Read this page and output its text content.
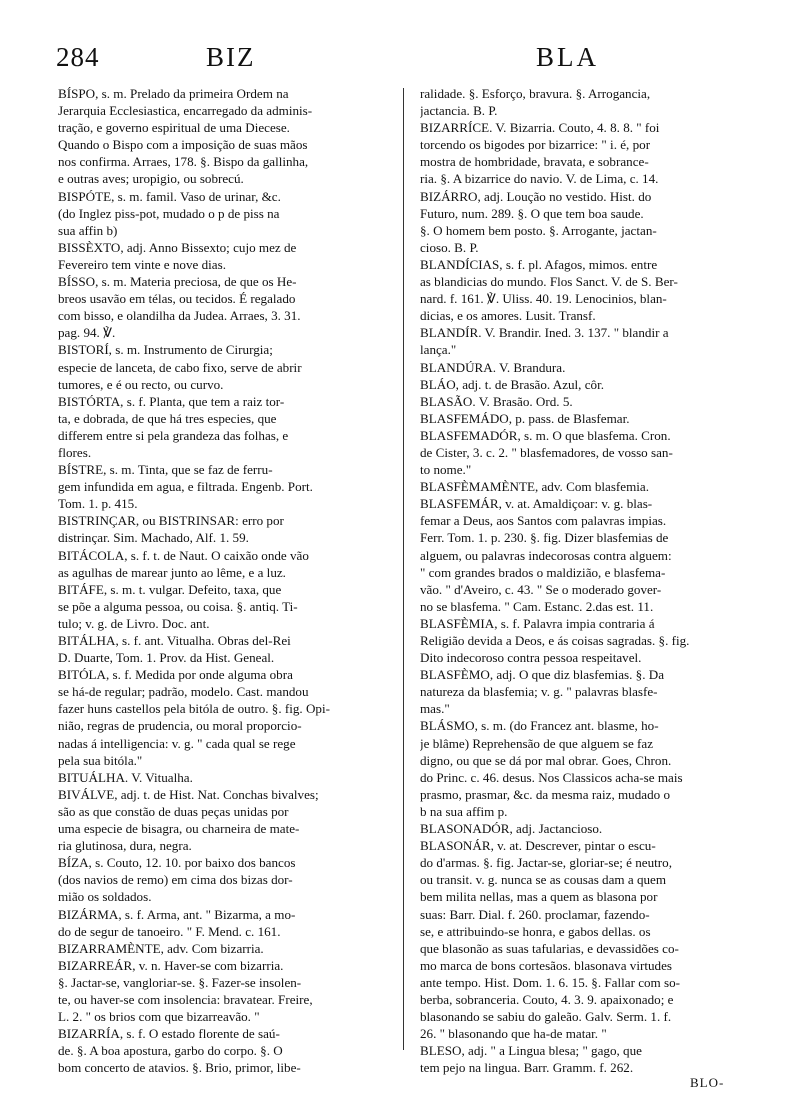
284	BIZ	BLA
BÍSPO, s. m. Prelado da primeira Ordem na
Jerarquia Ecclesiastica, encarregado da adminis-
tração, e governo espiritual de uma Diecese.
Quando o Bispo com a imposição de suas mãos
nos confirma. Arraes, 178. §. Bispo da gallinha,
e outras aves; uropigio, ou sobrecú.
BISPÓTE, s. m. famil. Vaso de urinar, &c.
(do Inglez piss-pot, mudado o p de piss na
sua affin b)
BISSÈXTO, adj. Anno Bissexto; cujo mez de
Fevereiro tem vinte e nove dias.
BÍSSO, s. m. Materia preciosa, de que os He-
breos usavão em télas, ou tecidos. É regalado
com bisso, e olandilha da Judea. Arraes, 3. 31.
pag. 94. ℣.
BISTORÍ, s. m. Instrumento de Cirurgia;
especie de lanceta, de cabo fixo, serve de abrir
tumores, e é ou recto, ou curvo.
BISTÓRTA, s. f. Planta, que tem a raiz tor-
ta, e dobrada, de que há tres especies, que
differem entre si pela grandeza das folhas, e
flores.
BÍSTRE, s. m. Tinta, que se faz de ferru-
gem infundida em agua, e filtrada. Engenb. Port.
Tom. 1. p. 415.
BISTRINÇAR, ou BISTRINSAR: erro por
distrinçar. Sim. Machado, Alf. 1. 59.
BITÁCOLA, s. f. t. de Naut. O caixão onde vão
as agulhas de marear junto ao lême, e a luz.
BITÁFE, s. m. t. vulgar. Defeito, taxa, que
se põe a alguma pessoa, ou coisa. §. antiq. Ti-
tulo; v. g. de Livro. Doc. ant.
BITÁLHA, s. f. ant. Vitualha. Obras del-Rei
D. Duarte, Tom. 1. Prov. da Hist. Geneal.
BITÓLA, s. f. Medida por onde alguma obra
se há-de regular; padrão, modelo. Cast. mandou
fazer huns castellos pela bitóla de outro. §. fig. Opi-
nião, regras de prudencia, ou moral proporcio-
nadas á intelligencia: v. g. " cada qual se rege
pela sua bitóla."
BITUÁLHA. V. Vitualha.
BIVÁLVE, adj. t. de Hist. Nat. Conchas bivalves;
são as que constão de duas peças unidas por
uma especie de bisagra, ou charneira de mate-
ria glutinosa, dura, negra.
BÍZA, s. Couto, 12. 10. por baixo dos bancos
(dos navios de remo) em cima dos bizas dor-
mião os soldados.
BIZÁRMA, s. f. Arma, ant. " Bizarma, a mo-
do de segur de tanoeiro. " F. Mend. c. 161.
BIZARRAMÈNTE, adv. Com bizarria.
BIZARREÁR, v. n. Haver-se com bizarria.
§. Jactar-se, vangloriar-se. §. Fazer-se insolen-
te, ou haver-se com insolencia: bravatear. Freire,
L. 2. " os brios com que bizarreavão. "
BIZARRÍA, s. f. O estado florente de saú-
de. §. A boa apostura, garbo do corpo. §. O
bom concerto de atavios. §. Brio, primor, libe-
ralidade. §. Esforço, bravura. §. Arrogancia,
jactancia. B. P.
BIZARRÍCE. V. Bizarria. Couto, 4. 8. 8. " foi
torcendo os bigodes por bizarrice: " i. é, por
mostra de hombridade, bravata, e sobrance-
ria. §. A bizarrice do navio. V. de Lima, c. 14.
BIZÁRRO, adj. Loução no vestido. Hist. do
Futuro, num. 289. §. O que tem boa saude.
§. O homem bem posto. §. Arrogante, jactan-
cioso. B. P.
BLANDÍCIAS, s. f. pl. Afagos, mimos. entre
as blandicias do mundo. Flos Sanct. V. de S. Ber-
nard. f. 161. ℣. Uliss. 40. 19. Lenocinios, blan-
dicias, e os amores. Lusit. Transf.
BLANDÍR. V. Brandir. Ined. 3. 137. " blandir a
lança."
BLANDÚRA. V. Brandura.
BLÁO, adj. t. de Brasão. Azul, côr.
BLASÃO. V. Brasão. Ord. 5.
BLASFEMÁDO, p. pass. de Blasfemar.
BLASFEMADÓR, s. m. O que blasfema. Cron.
de Cister, 3. c. 2. " blasfemadores, de vosso san-
to nome."
BLASFÈMAMÈNTE, adv. Com blasfemia.
BLASFEMÁR, v. at. Amaldiçoar: v. g. blas-
femar a Deus, aos Santos com palavras impias.
Ferr. Tom. 1. p. 230. §. fig. Dizer blasfemias de
alguem, ou palavras indecorosas contra alguem:
" com grandes brados o maldizião, e blasfema-
vão. " d'Aveiro, c. 43. " Se o moderado gover-
no se blasfema. " Cam. Estanc. 2.das est. 11.
BLASFÈMIA, s. f. Palavra impia contraria á
Religião devida a Deos, e ás coisas sagradas. §. fig.
Dito indecoroso contra pessoa respeitavel.
BLASFÈMO, adj. O que diz blasfemias. §. Da
natureza da blasfemia; v. g. " palavras blasfe-
mas."
BLÁSMO, s. m. (do Francez ant. blasme, ho-
je blâme) Reprehensão de que alguem se faz
digno, ou que se dá por mal obrar. Goes, Chron.
do Princ. c. 46. desus. Nos Classicos acha-se mais
prasmo, prasmar, &c. da mesma raiz, mudado o
b na sua affim p.
BLASONADÓR, adj. Jactancioso.
BLASONÁR, v. at. Descrever, pintar o escu-
do d'armas. §. fig. Jactar-se, gloriar-se; é neutro,
ou transit. v. g. nunca se as cousas dam a quem
bem milita nellas, mas a quem as blasona por
suas: Barr. Dial. f. 260. proclamar, fazendo-
se, e attribuindo-se honra, e gabos dellas. os
que blasonão as suas tafularias, e devassidões co-
mo marca de bons cortesãos. blasonava virtudes
ante tempo. Hist. Dom. 1. 6. 15. §. Fallar com so-
berba, sobranceria. Couto, 4. 3. 9. apaixonado; e
blasonando se sabiu do galeão. Galv. Serm. 1. f.
26. " blasonando que ha-de matar. "
BLESO, adj. " a Lingua blesa; " gago, que
tem pejo na lingua. Barr. Gramm. f. 262.
BLO-
